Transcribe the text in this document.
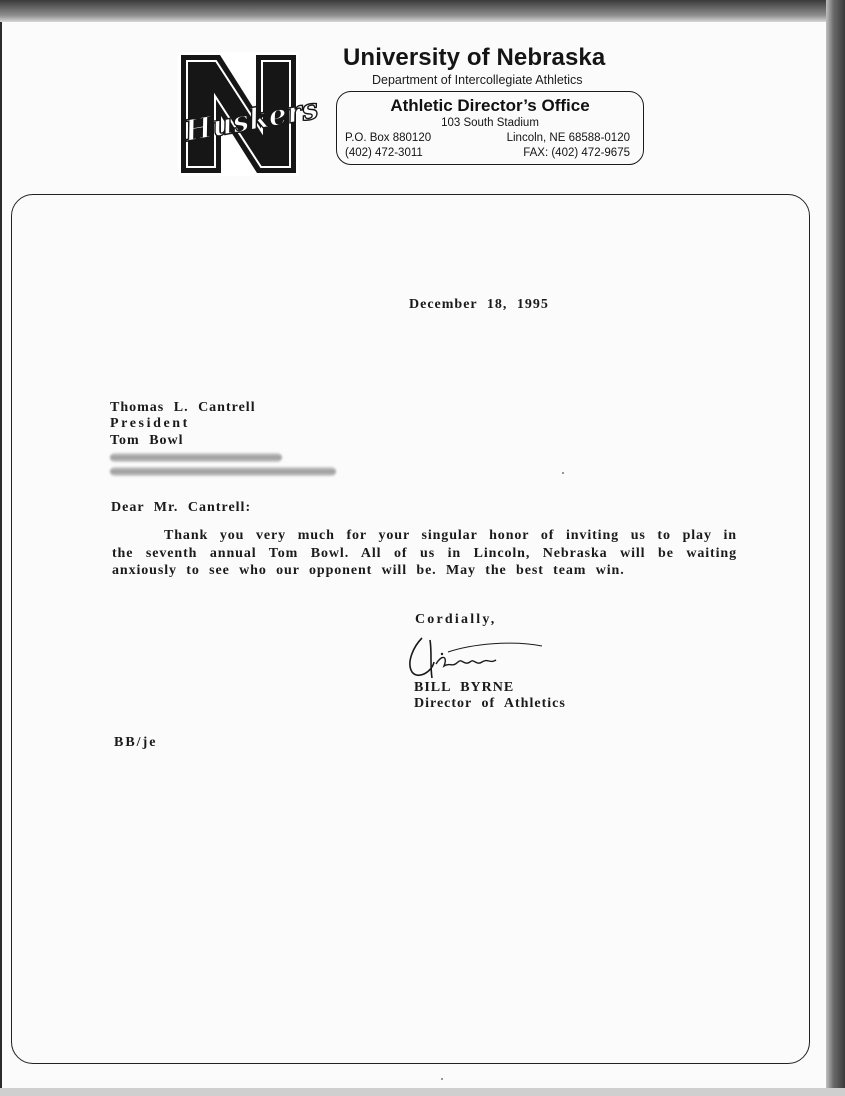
Huskers
University of Nebraska
Department of Intercollegiate Athletics
Athletic Director’s Office
103 South Stadium
P.O. Box 880120	Lincoln, NE 68588-0120
(402) 472-3011	FAX: (402) 472-9675
December 18, 1995
Thomas L. Cantrell
President
Tom Bowl
Dear Mr. Cantrell:
Thank you very much for your singular honor of inviting us to play in the seventh annual Tom Bowl. All of us in Lincoln, Nebraska will be waiting anxiously to see who our opponent will be. May the best team win.
Cordially,
BILL BYRNE
Director of Athletics
BB/je
